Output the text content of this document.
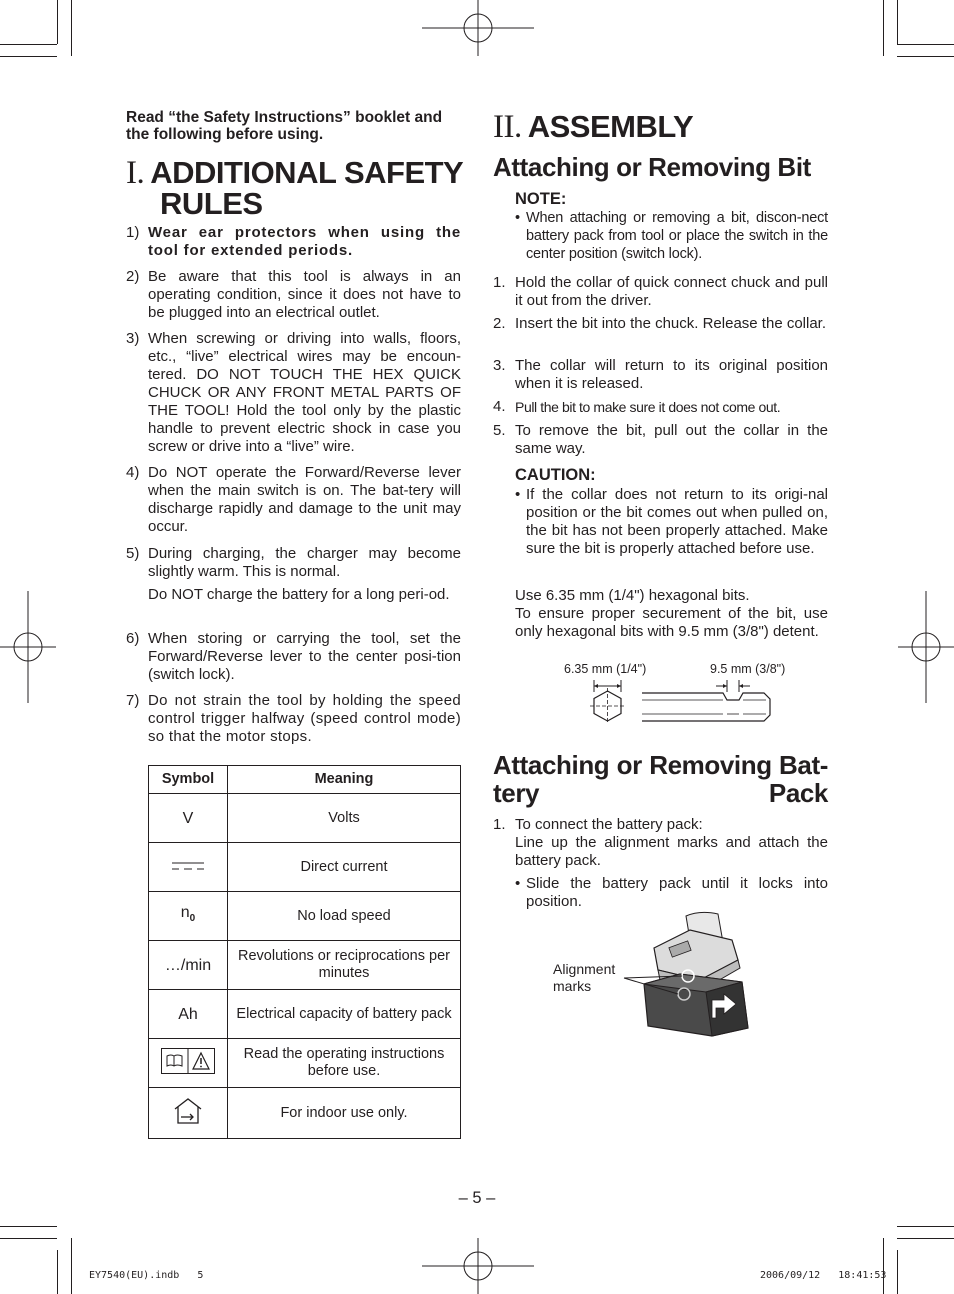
Read “the Safety Instructions” booklet and the following before using.
I. ADDITIONAL SAFETY
RULES
1) Wear ear protectors when using the tool for extended periods.
2) Be aware that this tool is always in an operating condition, since it does not have to be plugged into an electrical outlet.
3) When screwing or driving into walls, floors, etc., “live” electrical wires may be encoun-tered. DO NOT TOUCH THE HEX QUICK CHUCK OR ANY FRONT METAL PARTS OF THE TOOL! Hold the tool only by the plastic handle to prevent electric shock in case you screw or drive into a “live” wire.
4) Do NOT operate the Forward/Reverse lever when the main switch is on. The bat-tery will discharge rapidly and damage to the unit may occur.
5) During charging, the charger may become slightly warm. This is normal.
Do NOT charge the battery for a long peri-od.
6) When storing or carrying the tool, set the Forward/Reverse lever to the center posi-tion (switch lock).
7) Do not strain the tool by holding the speed control trigger halfway (speed control mode) so that the motor stops.
Symbol	Meaning
V	Volts
	Direct current
$n_0$	No load speed
…/min	Revolutions or reciprocations per minutes
Ah	Electrical capacity of battery pack
	Read the operating instructions before use.
	For indoor use only.
II. ASSEMBLY
Attaching or Removing Bit
NOTE:
• When attaching or removing a bit, discon-nect battery pack from tool or place the switch in the center position (switch lock).
1. Hold the collar of quick connect chuck and pull it out from the driver.
2. Insert the bit into the chuck. Release the collar.
3. The collar will return to its original position when it is released.
4. Pull the bit to make sure it does not come out.
5. To remove the bit, pull out the collar in the same way.
CAUTION:
• If the collar does not return to its origi-nal position or the bit comes out when pulled on, the bit has not been properly attached. Make sure the bit is properly attached before use.
Use 6.35 mm (1/4") hexagonal bits.
To ensure proper securement of the bit, use only hexagonal bits with 9.5 mm (3/8") detent.
6.35 mm (1/4")	9.5 mm (3/8")
Attaching or Removing Bat-tery Pack
1. To connect the battery pack:
Line up the alignment marks and attach the battery pack.
• Slide the battery pack until it locks into position.
Alignment marks
– 5 –
EY7540(EU).indb   5	2006/09/12   18:41:53
